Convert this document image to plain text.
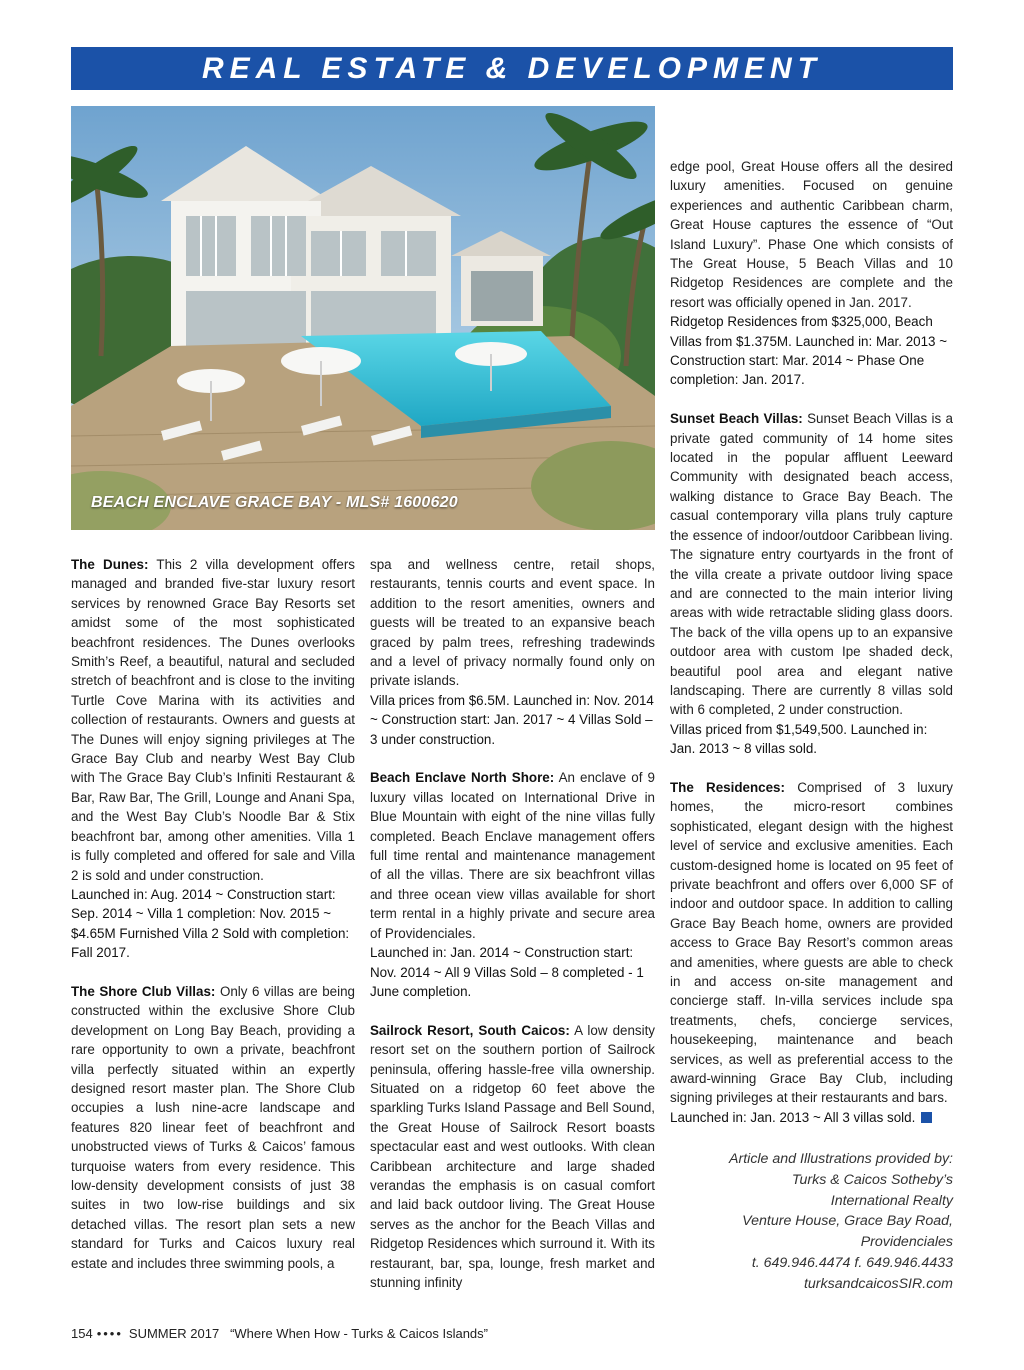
REAL ESTATE & DEVELOPMENT
BEACH ENCLAVE GRACE BAY - MLS# 1600620

The Dunes: This 2 villa development offers managed and branded five-star luxury resort services by renowned Grace Bay Resorts set amidst some of the most sophisticated beachfront residences. The Dunes overlooks Smith’s Reef, a beautiful, natural and secluded stretch of beachfront and is close to the inviting Turtle Cove Marina with its activities and collection of restaurants. Owners and guests at The Dunes will enjoy signing privileges at The Grace Bay Club and nearby West Bay Club with The Grace Bay Club’s Infiniti Restaurant & Bar, Raw Bar, The Grill, Lounge and Anani Spa, and the West Bay Club’s Noodle Bar & Stix beachfront bar, among other amenities. Villa 1 is fully completed and offered for sale and Villa 2 is sold and under construction.

Launched in: Aug. 2014 ~ Construction start: Sep. 2014 ~ Villa 1 completion: Nov. 2015 ~ $4.65M Furnished Villa 2 Sold with completion: Fall 2017.

The Shore Club Villas: Only 6 villas are being constructed within the exclusive Shore Club development on Long Bay Beach, providing a rare opportunity to own a private, beachfront villa perfectly situated within an expertly designed resort master plan. The Shore Club occupies a lush nine-acre landscape and features 820 linear feet of beachfront and unobstructed views of Turks & Caicos’ famous turquoise waters from every residence. This low-density development consists of just 38 suites in two low-rise buildings and six detached villas. The resort plan sets a new standard for Turks and Caicos luxury real estate and includes three swimming pools, a

spa and wellness centre, retail shops, restaurants, tennis courts and event space. In addition to the resort amenities, owners and guests will be treated to an expansive beach graced by palm trees, refreshing tradewinds and a level of privacy normally found only on private islands.

Villa prices from $6.5M. Launched in: Nov. 2014 ~ Construction start: Jan. 2017 ~ 4 Villas Sold – 3 under construction.

Beach Enclave North Shore: An enclave of 9 luxury villas located on International Drive in Blue Mountain with eight of the nine villas fully completed. Beach Enclave management offers full time rental and maintenance management of all the villas. There are six beachfront villas and three ocean view villas available for short term rental in a highly private and secure area of Providenciales.

Launched in: Jan. 2014 ~ Construction start: Nov. 2014 ~ All 9 Villas Sold – 8 completed - 1 June completion.

Sailrock Resort, South Caicos: A low density resort set on the southern portion of Sailrock peninsula, offering hassle-free villa ownership. Situated on a ridgetop 60 feet above the sparkling Turks Island Passage and Bell Sound, the Great House of Sailrock Resort boasts spectacular east and west outlooks. With clean Caribbean architecture and large shaded verandas the emphasis is on casual comfort and laid back outdoor living. The Great House serves as the anchor for the Beach Villas and Ridgetop Residences which surround it. With its restaurant, bar, spa, lounge, fresh market and stunning infinity

edge pool, Great House offers all the desired luxury amenities. Focused on genuine experiences and authentic Caribbean charm, Great House captures the essence of “Out Island Luxury”. Phase One which consists of The Great House, 5 Beach Villas and 10 Ridgetop Residences are complete and the resort was officially opened in Jan. 2017.

Ridgetop Residences from $325,000, Beach Villas from $1.375M. Launched in: Mar. 2013 ~ Construction start: Mar. 2014 ~ Phase One completion: Jan. 2017.

Sunset Beach Villas: Sunset Beach Villas is a private gated community of 14 home sites located in the popular affluent Leeward Community with designated beach access, walking distance to Grace Bay Beach. The casual contemporary villa plans truly capture the essence of indoor/outdoor Caribbean living. The signature entry courtyards in the front of the villa create a private outdoor living space and are connected to the main interior living areas with wide retractable sliding glass doors. The back of the villa opens up to an expansive outdoor area with custom Ipe shaded deck, beautiful pool area and elegant native landscaping. There are currently 8 villas sold with 6 completed, 2 under construction.

Villas priced from $1,549,500. Launched in: Jan. 2013 ~ 8 villas sold.

The Residences: Comprised of 3 luxury homes, the micro-resort combines sophisticated, elegant design with the highest level of service and exclusive amenities. Each custom-designed home is located on 95 feet of private beachfront and offers over 6,000 SF of indoor and outdoor space. In addition to calling Grace Bay Beach home, owners are provided access to Grace Bay Resort’s common areas and amenities, where guests are able to check in and access on-site management and concierge staff. In-villa services include spa treatments, chefs, concierge services, housekeeping, maintenance and beach services, as well as preferential access to the award-winning Grace Bay Club, including signing privileges at their restaurants and bars.

Launched in: Jan. 2013 ~ All 3 villas sold.

Article and Illustrations provided by:
Turks & Caicos Sotheby’s
International Realty
Venture House, Grace Bay Road,
Providenciales
t. 649.946.4474 f. 649.946.4433
turksandcaicosSIR.com
154 •••• SUMMER 2017 “Where When How - Turks & Caicos Islands”
